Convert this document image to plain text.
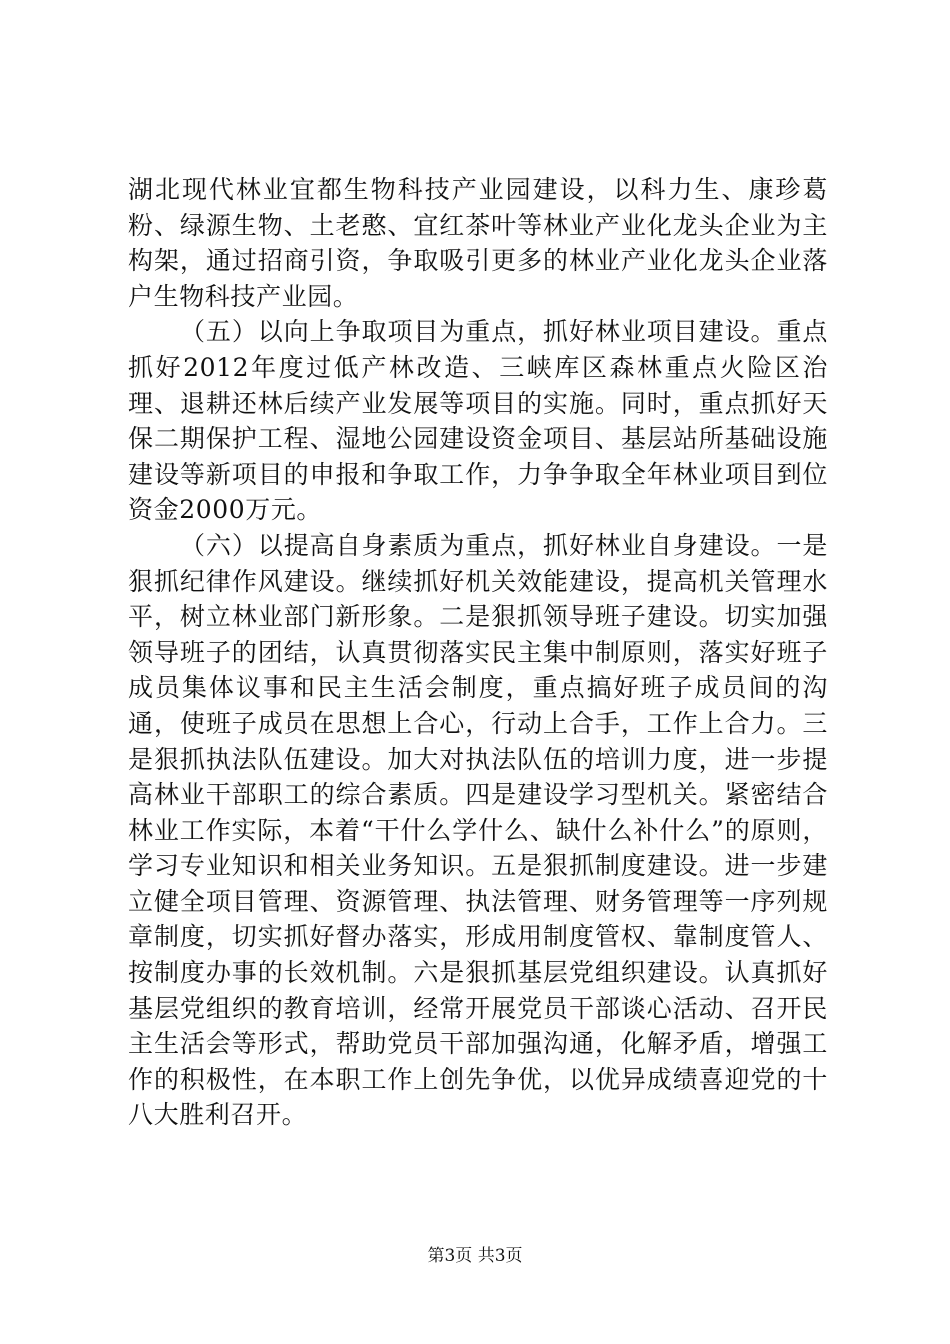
湖北现代林业宜都生物科技产业园建设，以科力生、康珍葛粉、绿源生物、土老憨、宜红茶叶等林业产业化龙头企业为主构架，通过招商引资，争取吸引更多的林业产业化龙头企业落户生物科技产业园。

（五）以向上争取项目为重点，抓好林业项目建设。重点抓好2012年度过低产林改造、三峡库区森林重点火险区治理、退耕还林后续产业发展等项目的实施。同时，重点抓好天保二期保护工程、湿地公园建设资金项目、基层站所基础设施建设等新项目的申报和争取工作，力争争取全年林业项目到位资金2000万元。

（六）以提高自身素质为重点，抓好林业自身建设。一是狠抓纪律作风建设。继续抓好机关效能建设，提高机关管理水平，树立林业部门新形象。二是狠抓领导班子建设。切实加强领导班子的团结，认真贯彻落实民主集中制原则，落实好班子成员集体议事和民主生活会制度，重点搞好班子成员间的沟通，使班子成员在思想上合心，行动上合手，工作上合力。三是狠抓执法队伍建设。加大对执法队伍的培训力度，进一步提高林业干部职工的综合素质。四是建设学习型机关。紧密结合林业工作实际，本着“干什么学什么、缺什么补什么”的原则，学习专业知识和相关业务知识。五是狠抓制度建设。进一步建立健全项目管理、资源管理、执法管理、财务管理等一序列规章制度，切实抓好督办落实，形成用制度管权、靠制度管人、按制度办事的长效机制。六是狠抓基层党组织建设。认真抓好基层党组织的教育培训，经常开展党员干部谈心活动、召开民主生活会等形式，帮助党员干部加强沟通，化解矛盾，增强工作的积极性，在本职工作上创先争优，以优异成绩喜迎党的十八大胜利召开。

第3页 共3页
